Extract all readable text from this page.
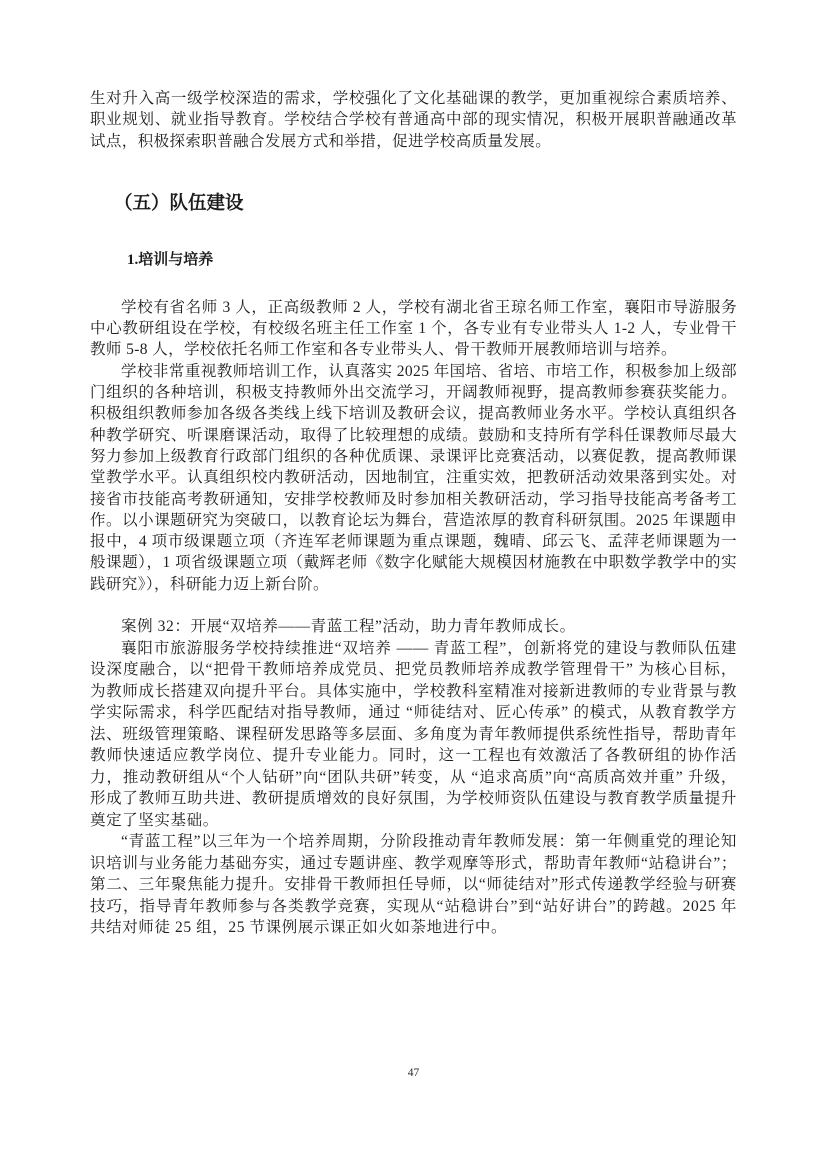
生对升入高一级学校深造的需求，学校强化了文化基础课的教学，更加重视综合素质培养、职业规划、就业指导教育。学校结合学校有普通高中部的现实情况，积极开展职普融通改革试点，积极探索职普融合发展方式和举措，促进学校高质量发展。

（五）队伍建设
1.培训与培养

学校有省名师 3 人，正高级教师 2 人，学校有湖北省王琼名师工作室，襄阳市导游服务中心教研组设在学校，有校级名班主任工作室 1 个，各专业有专业带头人 1-2 人，专业骨干教师 5-8 人，学校依托名师工作室和各专业带头人、骨干教师开展教师培训与培养。

学校非常重视教师培训工作，认真落实 2025 年国培、省培、市培工作，积极参加上级部门组织的各种培训，积极支持教师外出交流学习，开阔教师视野，提高教师参赛获奖能力。积极组织教师参加各级各类线上线下培训及教研会议，提高教师业务水平。学校认真组织各种教学研究、听课磨课活动，取得了比较理想的成绩。鼓励和支持所有学科任课教师尽最大努力参加上级教育行政部门组织的各种优质课、录课评比竞赛活动，以赛促教，提高教师课堂教学水平。认真组织校内教研活动，因地制宜，注重实效，把教研活动效果落到实处。对接省市技能高考教研通知，安排学校教师及时参加相关教研活动，学习指导技能高考备考工作。以小课题研究为突破口，以教育论坛为舞台，营造浓厚的教育科研氛围。2025 年课题申报中，4 项市级课题立项（齐连军老师课题为重点课题，魏晴、邱云飞、孟萍老师课题为一般课题），1 项省级课题立项（戴辉老师《数字化赋能大规模因材施教在中职数学教学中的实践研究》），科研能力迈上新台阶。

案例 32：开展“双培养——青蓝工程”活动，助力青年教师成长。

襄阳市旅游服务学校持续推进“双培养 —— 青蓝工程”，创新将党的建设与教师队伍建设深度融合，以“把骨干教师培养成党员、把党员教师培养成教学管理骨干” 为核心目标，为教师成长搭建双向提升平台。具体实施中，学校教科室精准对接新进教师的专业背景与教学实际需求，科学匹配结对指导教师，通过 “师徒结对、匠心传承” 的模式，从教育教学方法、班级管理策略、课程研发思路等多层面、多角度为青年教师提供系统性指导，帮助青年教师快速适应教学岗位、提升专业能力。同时，这一工程也有效激活了各教研组的协作活力，推动教研组从“个人钻研”向“团队共研”转变，从 “追求高质”向“高质高效并重” 升级，形成了教师互助共进、教研提质增效的良好氛围，为学校师资队伍建设与教育教学质量提升奠定了坚实基础。

“青蓝工程”以三年为一个培养周期，分阶段推动青年教师发展：第一年侧重党的理论知识培训与业务能力基础夯实，通过专题讲座、教学观摩等形式，帮助青年教师“站稳讲台”；第二、三年聚焦能力提升。安排骨干教师担任导师，以“师徒结对”形式传递教学经验与研赛技巧，指导青年教师参与各类教学竞赛，实现从“站稳讲台”到“站好讲台”的跨越。2025 年共结对师徒 25 组，25 节课例展示课正如火如荼地进行中。

47
